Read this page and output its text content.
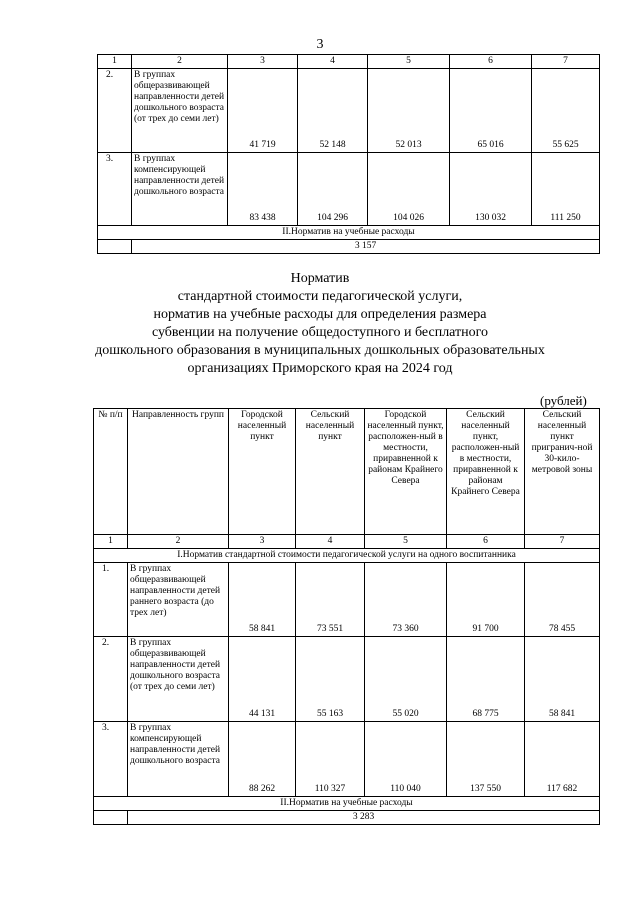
3
1	2	3	4	5	6	7
2.	В группах общеразвивающей направленности детей дошкольного возраста (от трех до семи лет)	41 719	52 148	52 013	65 016	55 625
3.	В группах компенсирующей направленности детей дошкольного возраста	83 438	104 296	104 026	130 032	111 250
II.Норматив на учебные расходы						
	3 157					
Норматив
стандартной стоимости педагогической услуги,
норматив на учебные расходы для определения размера
субвенции на получение общедоступного и бесплатного
дошкольного образования в муниципальных дошкольных образовательных
организациях Приморского края на 2024 год
(рублей)
№ п/п	Направленность групп	Городской населенный пункт	Сельский населенный пункт	Городской населенный пункт, расположен-ный в местности, приравненной к районам Крайнего Севера	Сельский населенный пункт, расположен-ный в местности, приравненной к районам Крайнего Севера	Сельский населенный пункт пригранич-ной 30-кило-метровой зоны
1	2	3	4	5	6	7
I.Норматив стандартной стоимости педагогической услуги на одного воспитанника						
1.	В группах общеразвивающей направленности детей раннего возраста (до трех лет)	58 841	73 551	73 360	91 700	78 455
2.	В группах общеразвивающей направленности детей дошкольного возраста (от трех до семи лет)	44 131	55 163	55 020	68 775	58 841
3.	В группах компенсирующей направленности детей дошкольного возраста	88 262	110 327	110 040	137 550	117 682
II.Норматив на учебные расходы						
	3 283					
